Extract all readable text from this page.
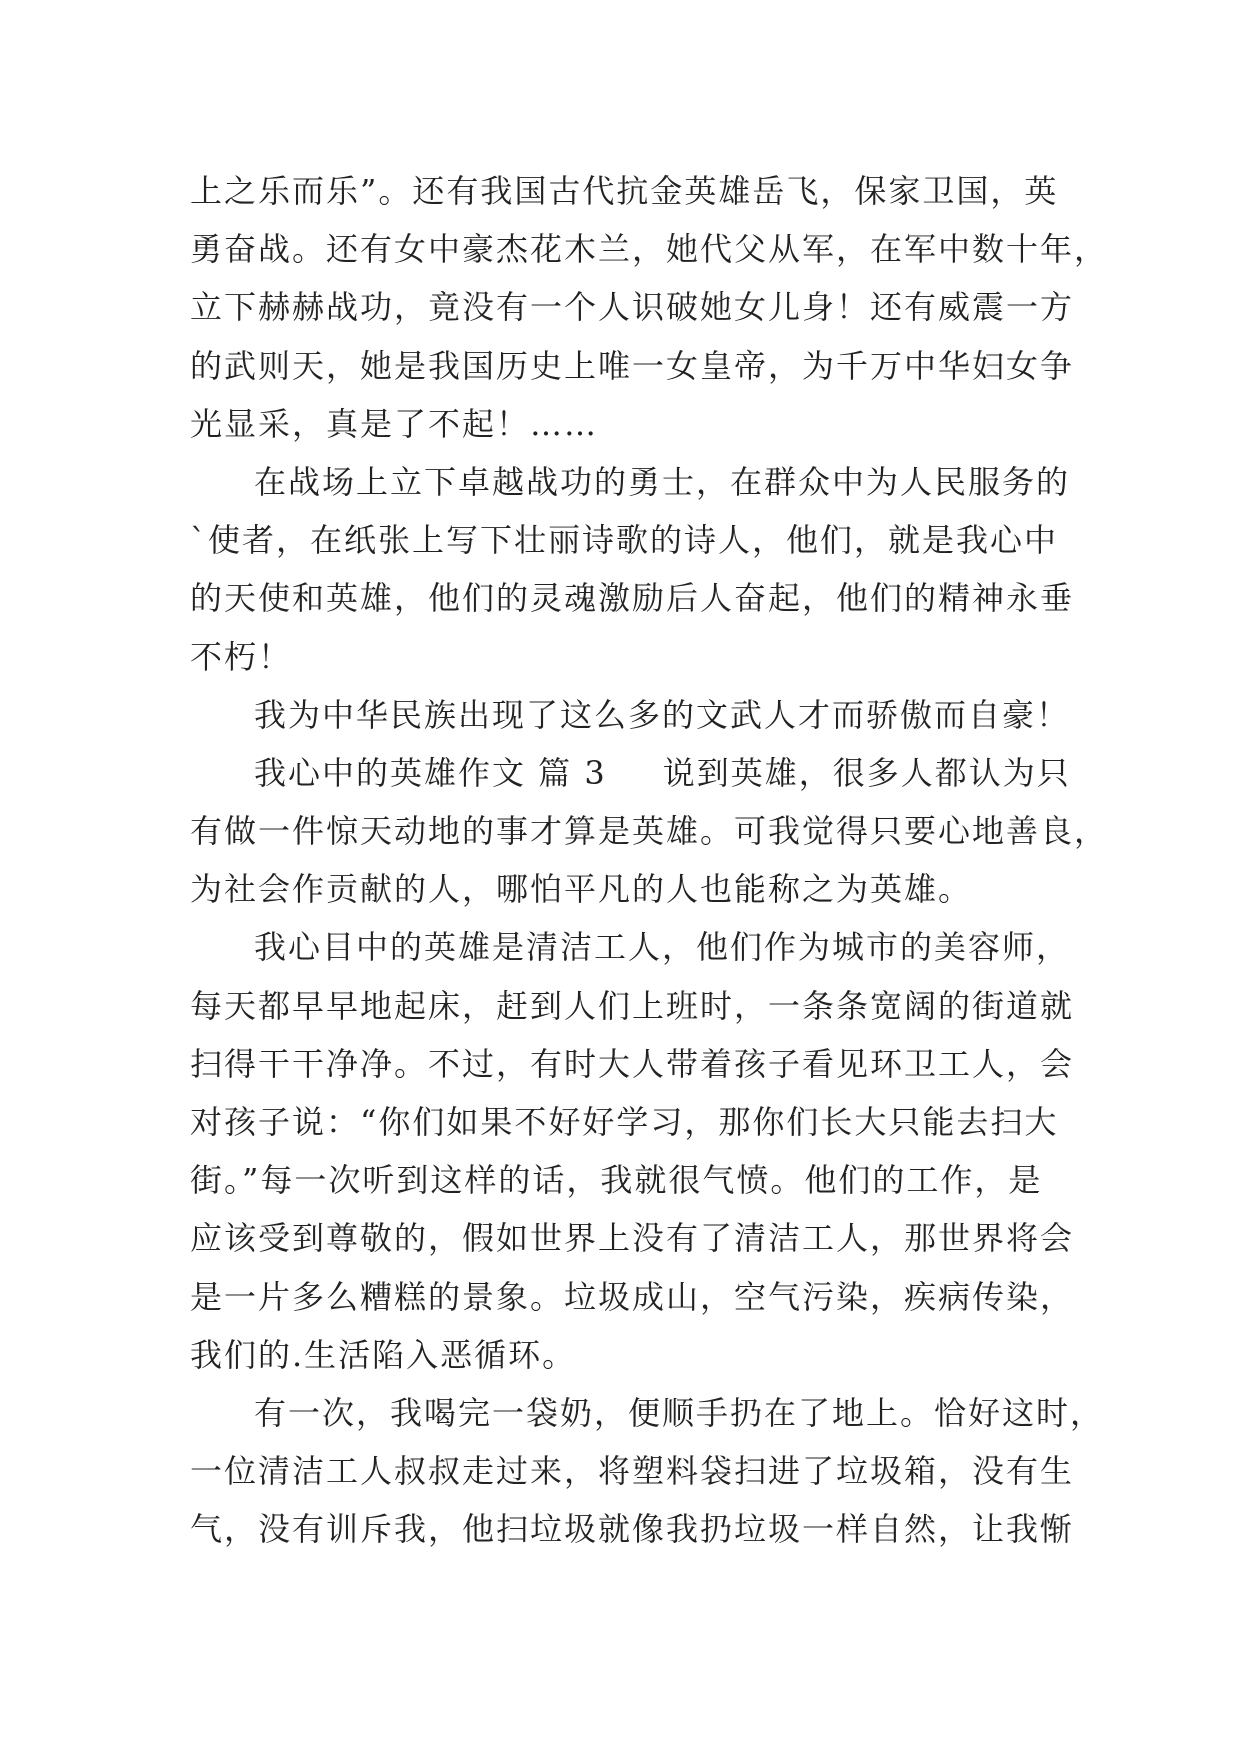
上之乐而乐”。还有我国古代抗金英雄岳飞，保家卫国，英
勇奋战。还有女中豪杰花木兰，她代父从军，在军中数十年，
立下赫赫战功，竟没有一个人识破她女儿身！还有威震一方
的武则天，她是我国历史上唯一女皇帝，为千万中华妇女争
光显采，真是了不起！……
在战场上立下卓越战功的勇士，在群众中为人民服务的
`使者，在纸张上写下壮丽诗歌的诗人，他们，就是我心中
的天使和英雄，他们的灵魂激励后人奋起，他们的精神永垂
不朽！
我为中华民族出现了这么多的文武人才而骄傲而自豪！
我心中的英雄作文 篇 3 说到英雄，很多人都认为只
有做一件惊天动地的事才算是英雄。可我觉得只要心地善良，
为社会作贡献的人，哪怕平凡的人也能称之为英雄。
我心目中的英雄是清洁工人，他们作为城市的美容师，
每天都早早地起床，赶到人们上班时，一条条宽阔的街道就
扫得干干净净。不过，有时大人带着孩子看见环卫工人，会
对孩子说：“你们如果不好好学习，那你们长大只能去扫大
街。”每一次听到这样的话，我就很气愤。他们的工作，是
应该受到尊敬的，假如世界上没有了清洁工人，那世界将会
是一片多么糟糕的景象。垃圾成山，空气污染，疾病传染，
我们的.生活陷入恶循环。
有一次，我喝完一袋奶，便顺手扔在了地上。恰好这时，
一位清洁工人叔叔走过来，将塑料袋扫进了垃圾箱，没有生
气，没有训斥我，他扫垃圾就像我扔垃圾一样自然，让我惭
